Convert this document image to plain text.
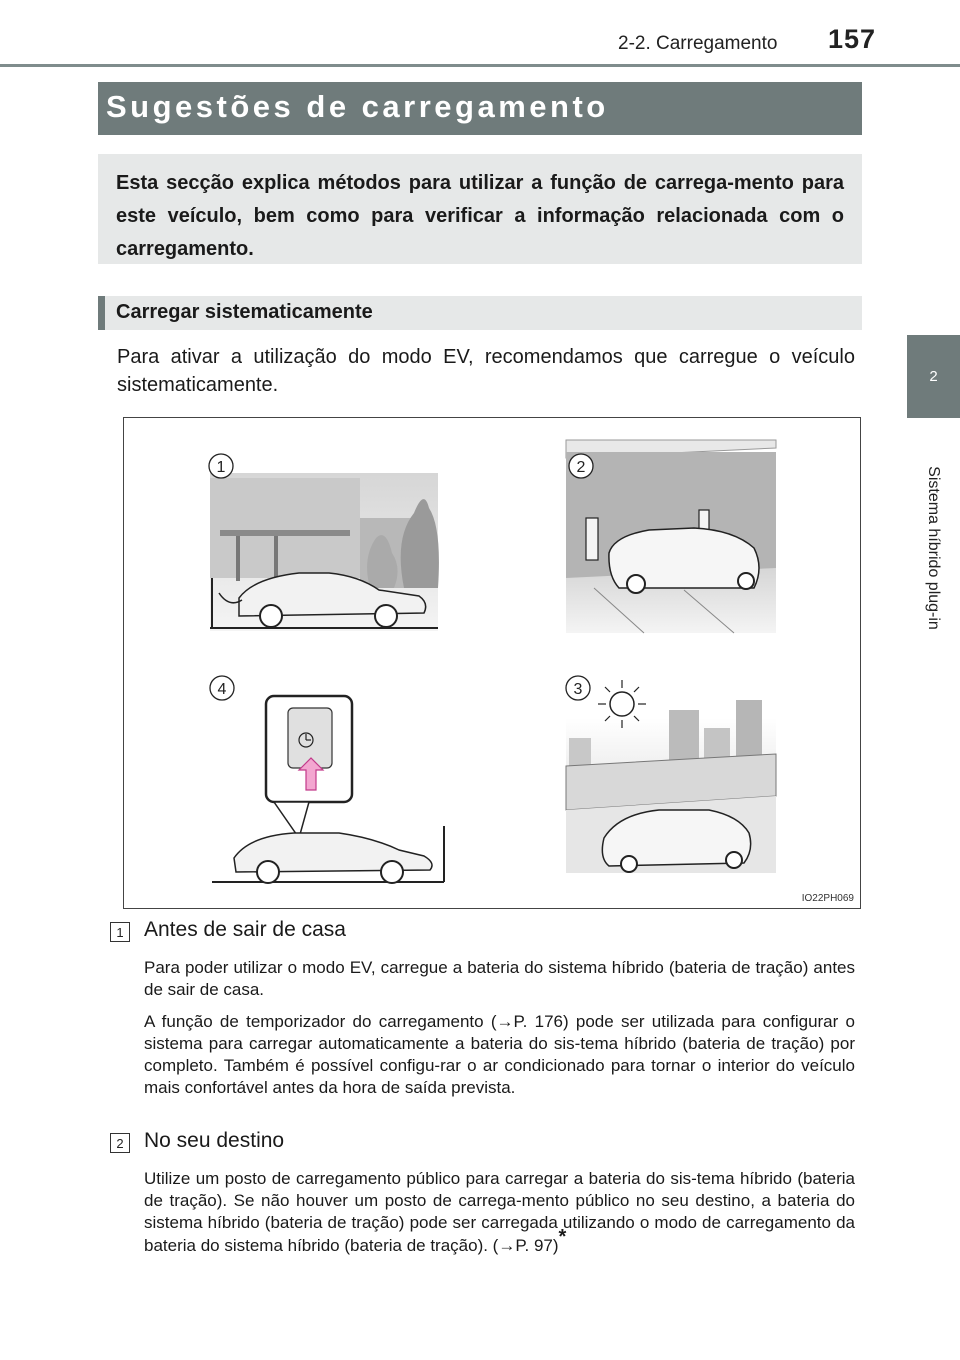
2-2. Carregamento 157
2
Sistema híbrido plug-in
Sugestões de carregamento

Esta secção explica métodos para utilizar a função de carrega-mento para este veículo, bem como para verificar a informação relacionada com o carregamento.

Carregar sistematicamente

Para ativar a utilização do modo EV, recomendamos que carregue o veículo sistematicamente.

1	2
3
4
IO22PH069
1 Antes de sair de casa

Para poder utilizar o modo EV, carregue a bateria do sistema híbrido (bateria de tração) antes de sair de casa.

A função de temporizador do carregamento (→P. 176) pode ser utilizada para configurar o sistema para carregar automaticamente a bateria do sis-tema híbrido (bateria de tração) por completo. Também é possível configu-rar o ar condicionado para tornar o interior do veículo mais confortável antes da hora de saída prevista.

2 No seu destino

Utilize um posto de carregamento público para carregar a bateria do sis-tema híbrido (bateria de tração). Se não houver um posto de carrega-mento público no seu destino, a bateria do sistema híbrido (bateria de tração) pode ser carregada utilizando o modo de carregamento da bateria do sistema híbrido (bateria de tração). (→P. 97)*
